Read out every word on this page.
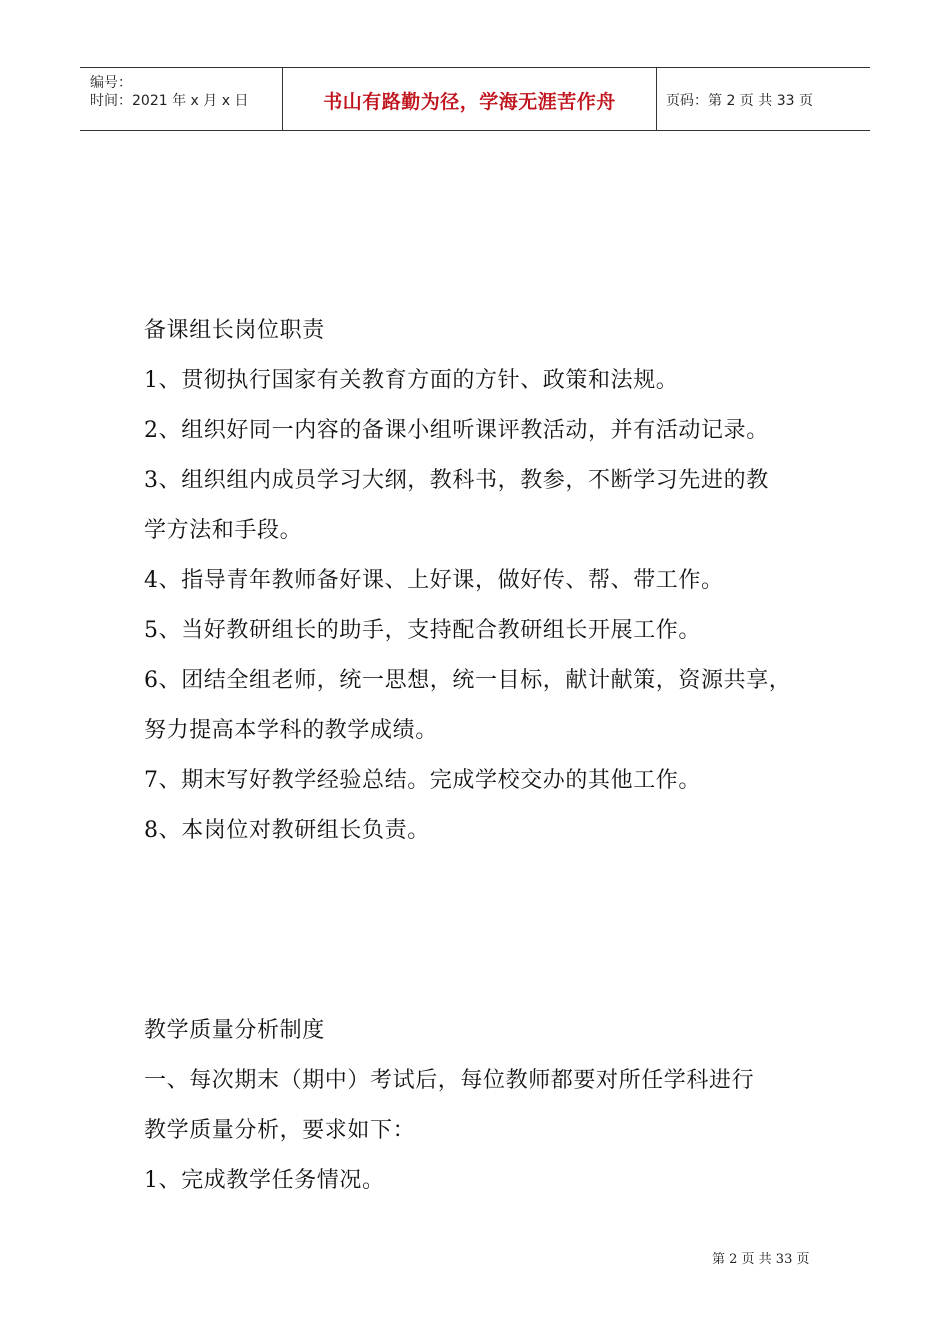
编号：
时间：2021 年 x 月 x 日	书山有路勤为径，学海无涯苦作舟	页码：第 2 页 共 33 页
备课组长岗位职责
1、贯彻执行国家有关教育方面的方针、政策和法规。
2、组织好同一内容的备课小组听课评教活动，并有活动记录。
3、组织组内成员学习大纲，教科书，教参，不断学习先进的教
学方法和手段。
4、指导青年教师备好课、上好课，做好传、帮、带工作。
5、当好教研组长的助手，支持配合教研组长开展工作。
6、团结全组老师，统一思想，统一目标，献计献策，资源共享，
努力提高本学科的教学成绩。
7、期末写好教学经验总结。完成学校交办的其他工作。
8、本岗位对教研组长负责。
教学质量分析制度
一、每次期末（期中）考试后，每位教师都要对所任学科进行
教学质量分析，要求如下：
1、完成教学任务情况。
第 2 页 共 33 页
